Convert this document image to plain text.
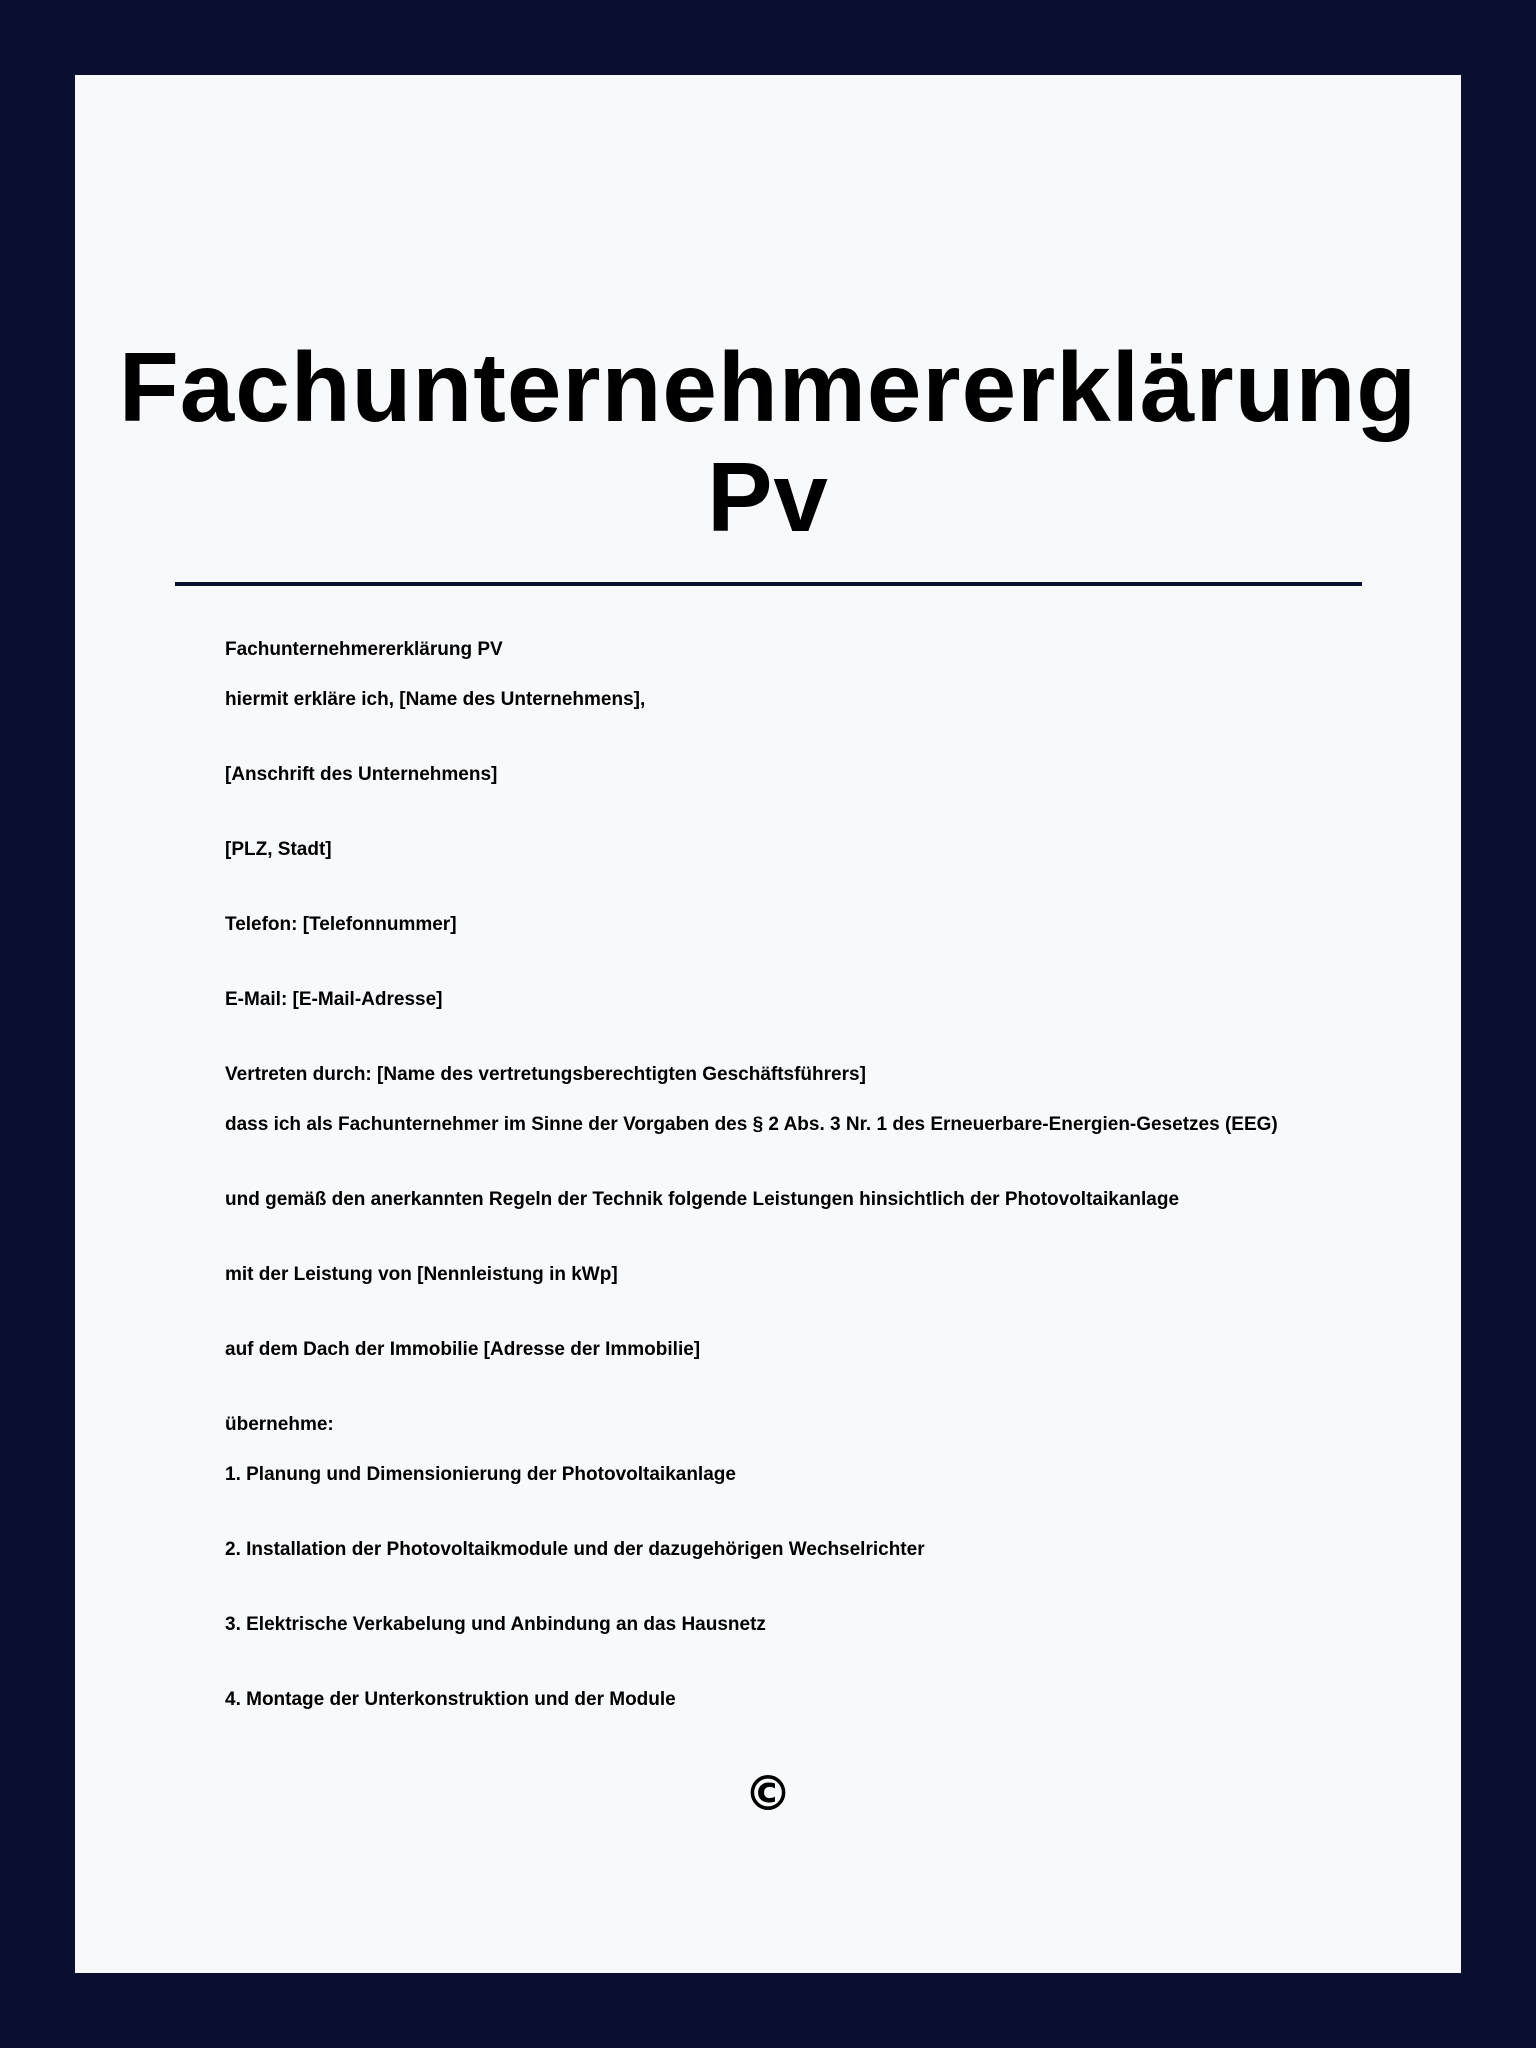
Fachunternehmererklärung
Pv

Fachunternehmererklärung PV

hiermit erkläre ich, [Name des Unternehmens],

[Anschrift des Unternehmens]

[PLZ, Stadt]

Telefon: [Telefonnummer]

E-Mail: [E-Mail-Adresse]

Vertreten durch: [Name des vertretungsberechtigten Geschäftsführers]

dass ich als Fachunternehmer im Sinne der Vorgaben des § 2 Abs. 3 Nr. 1 des Erneuerbare-Energien-Gesetzes (EEG)

und gemäß den anerkannten Regeln der Technik folgende Leistungen hinsichtlich der Photovoltaikanlage

mit der Leistung von [Nennleistung in kWp]

auf dem Dach der Immobilie [Adresse der Immobilie]

übernehme:

1. Planung und Dimensionierung der Photovoltaikanlage

2. Installation der Photovoltaikmodule und der dazugehörigen Wechselrichter

3. Elektrische Verkabelung und Anbindung an das Hausnetz

4. Montage der Unterkonstruktion und der Module

©
